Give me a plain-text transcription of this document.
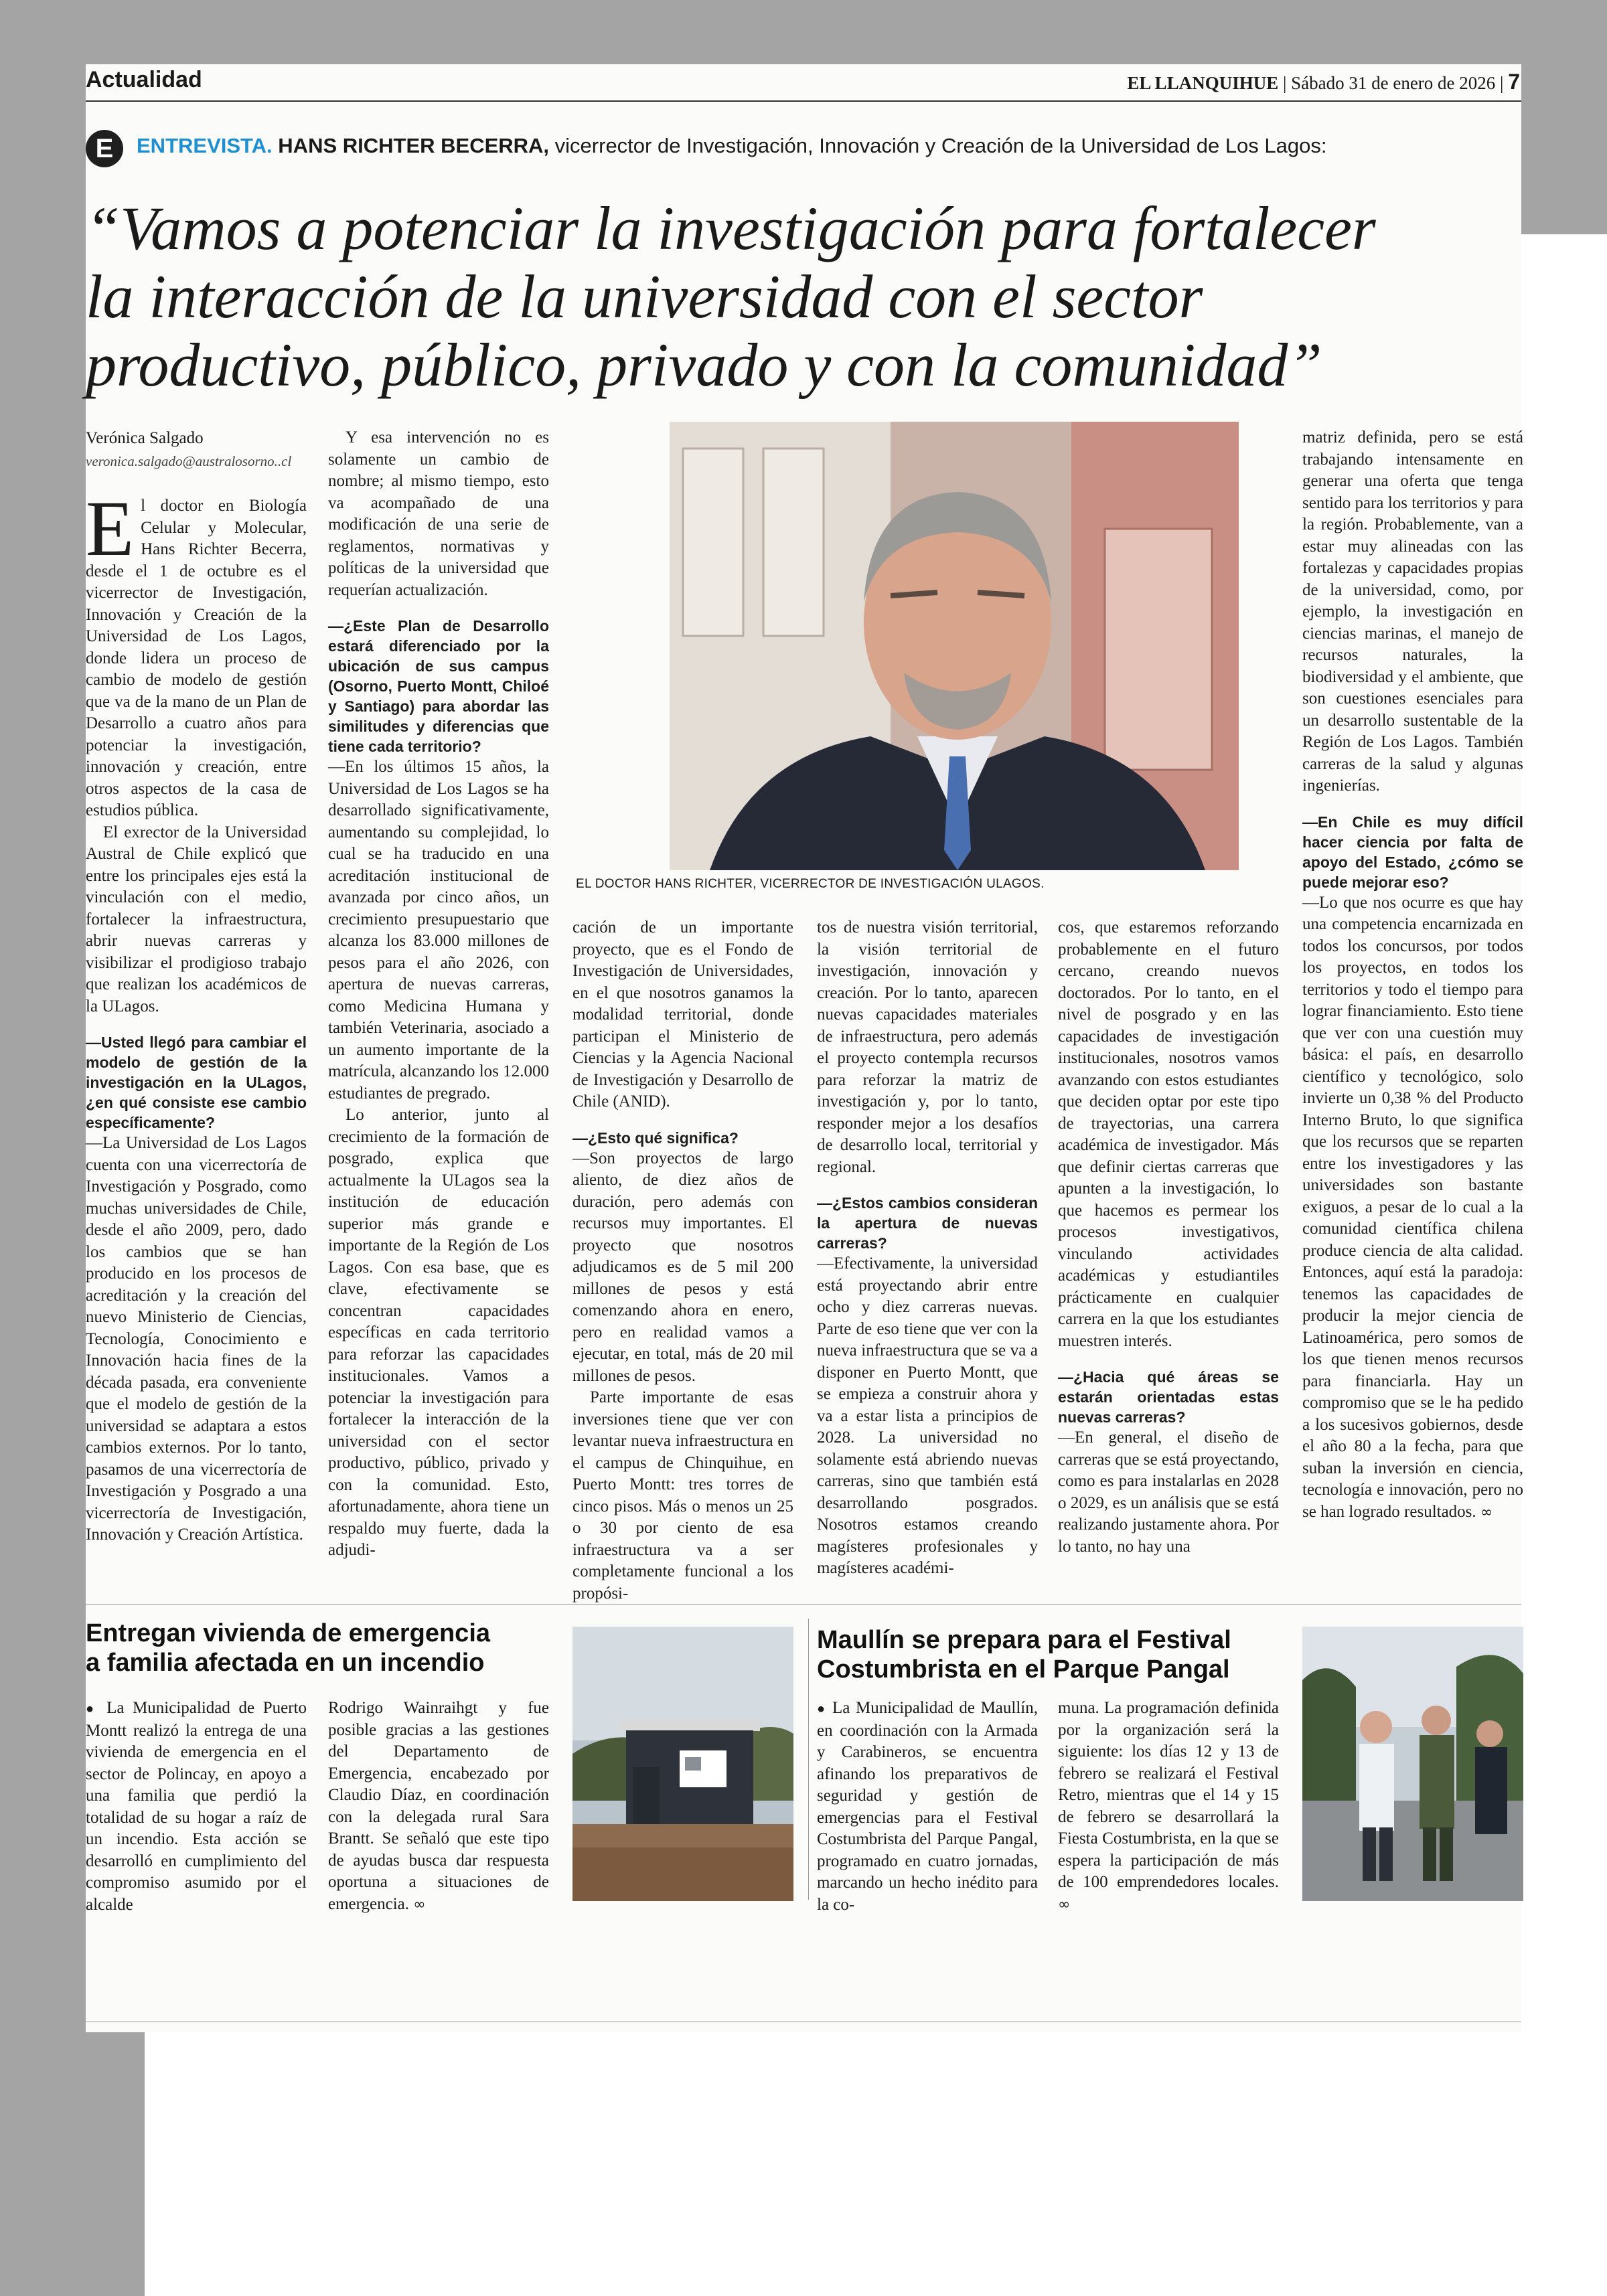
Actualidad	EL LLANQUIHUE | Sábado 31 de enero de 2026 | 7
E	ENTREVISTA. HANS RICHTER BECERRA, vicerrector de Investigación, Innovación y Creación de la Universidad de Los Lagos:
“Vamos a potenciar la investigación para fortalecer
la interacción de la universidad con el sector
productivo, público, privado y con la comunidad”
Verónica Salgado
veronica.salgado@australosorno..cl

El doctor en Biología Celular y Molecular, Hans Richter Becerra, desde el 1 de octubre es el vicerrector de Investigación, Innovación y Creación de la Universidad de Los Lagos, donde lidera un proceso de cambio de modelo de gestión que va de la mano de un Plan de Desarrollo a cuatro años para potenciar la investigación, innovación y creación, entre otros aspectos de la casa de estudios pública.

El exrector de la Universidad Austral de Chile explicó que entre los principales ejes está la vinculación con el medio, fortalecer la infraestructura, abrir nuevas carreras y visibilizar el prodigioso trabajo que realizan los académicos de la ULagos.

—Usted llegó para cambiar el modelo de gestión de la investigación en la ULagos, ¿en qué consiste ese cambio específicamente?

—La Universidad de Los Lagos cuenta con una vicerrectoría de Investigación y Posgrado, como muchas universidades de Chile, desde el año 2009, pero, dado los cambios que se han producido en los procesos de acreditación y la creación del nuevo Ministerio de Ciencias, Tecnología, Conocimiento e Innovación hacia fines de la década pasada, era conveniente que el modelo de gestión de la universidad se adaptara a estos cambios externos. Por lo tanto, pasamos de una vicerrectoría de Investigación y Posgrado a una vicerrectoría de Investigación, Innovación y Creación Artística.

Y esa intervención no es solamente un cambio de nombre; al mismo tiempo, esto va acompañado de una modificación de una serie de reglamentos, normativas y políticas de la universidad que requerían actualización.

—¿Este Plan de Desarrollo estará diferenciado por la ubicación de sus campus (Osorno, Puerto Montt, Chiloé y Santiago) para abordar las similitudes y diferencias que tiene cada territorio?

—En los últimos 15 años, la Universidad de Los Lagos se ha desarrollado significativamente, aumentando su complejidad, lo cual se ha traducido en una acreditación institucional de avanzada por cinco años, un crecimiento presupuestario que alcanza los 83.000 millones de pesos para el año 2026, con apertura de nuevas carreras, como Medicina Humana y también Veterinaria, asociado a un aumento importante de la matrícula, alcanzando los 12.000 estudiantes de pregrado.

Lo anterior, junto al crecimiento de la formación de posgrado, explica que actualmente la ULagos sea la institución de educación superior más grande e importante de la Región de Los Lagos. Con esa base, que es clave, efectivamente se concentran capacidades específicas en cada territorio para reforzar las capacidades institucionales. Vamos a potenciar la investigación para fortalecer la interacción de la universidad con el sector productivo, público, privado y con la comunidad. Esto, afortunadamente, ahora tiene un respaldo muy fuerte, dada la adjudi-

EL DOCTOR HANS RICHTER, VICERRECTOR DE INVESTIGACIÓN ULAGOS.

cación de un importante proyecto, que es el Fondo de Investigación de Universidades, en el que nosotros ganamos la modalidad territorial, donde participan el Ministerio de Ciencias y la Agencia Nacional de Investigación y Desarrollo de Chile (ANID).

—¿Esto qué significa?

—Son proyectos de largo aliento, de diez años de duración, pero además con recursos muy importantes. El proyecto que nosotros adjudicamos es de 5 mil 200 millones de pesos y está comenzando ahora en enero, pero en realidad vamos a ejecutar, en total, más de 20 mil millones de pesos.

Parte importante de esas inversiones tiene que ver con levantar nueva infraestructura en el campus de Chinquihue, en Puerto Montt: tres torres de cinco pisos. Más o menos un 25 o 30 por ciento de esa infraestructura va a ser completamente funcional a los propósi-

tos de nuestra visión territorial, la visión territorial de investigación, innovación y creación. Por lo tanto, aparecen nuevas capacidades materiales de infraestructura, pero además el proyecto contempla recursos para reforzar la matriz de investigación y, por lo tanto, responder mejor a los desafíos de desarrollo local, territorial y regional.

—¿Estos cambios consideran la apertura de nuevas carreras?

—Efectivamente, la universidad está proyectando abrir entre ocho y diez carreras nuevas. Parte de eso tiene que ver con la nueva infraestructura que se va a disponer en Puerto Montt, que se empieza a construir ahora y va a estar lista a principios de 2028. La universidad no solamente está abriendo nuevas carreras, sino que también está desarrollando posgrados. Nosotros estamos creando magísteres profesionales y magísteres académi-

cos, que estaremos reforzando probablemente en el futuro cercano, creando nuevos doctorados. Por lo tanto, en el nivel de posgrado y en las capacidades de investigación institucionales, nosotros vamos avanzando con estos estudiantes que deciden optar por este tipo de trayectorias, una carrera académica de investigador. Más que definir ciertas carreras que apunten a la investigación, lo que hacemos es permear los procesos investigativos, vinculando actividades académicas y estudiantiles prácticamente en cualquier carrera en la que los estudiantes muestren interés.

—¿Hacia qué áreas se estarán orientadas estas nuevas carreras?

—En general, el diseño de carreras que se está proyectando, como es para instalarlas en 2028 o 2029, es un análisis que se está realizando justamente ahora. Por lo tanto, no hay una

matriz definida, pero se está trabajando intensamente en generar una oferta que tenga sentido para los territorios y para la región. Probablemente, van a estar muy alineadas con las fortalezas y capacidades propias de la universidad, como, por ejemplo, la investigación en ciencias marinas, el manejo de recursos naturales, la biodiversidad y el ambiente, que son cuestiones esenciales para un desarrollo sustentable de la Región de Los Lagos. También carreras de la salud y algunas ingenierías.

—En Chile es muy difícil hacer ciencia por falta de apoyo del Estado, ¿cómo se puede mejorar eso?

—Lo que nos ocurre es que hay una competencia encarnizada en todos los concursos, por todos los proyectos, en todos los territorios y todo el tiempo para lograr financiamiento. Esto tiene que ver con una cuestión muy básica: el país, en desarrollo científico y tecnológico, solo invierte un 0,38 % del Producto Interno Bruto, lo que significa que los recursos que se reparten entre los investigadores y las universidades son bastante exiguos, a pesar de lo cual a la comunidad científica chilena produce ciencia de alta calidad. Entonces, aquí está la paradoja: tenemos las capacidades de producir la mejor ciencia de Latinoamérica, pero somos de los que tienen menos recursos para financiarla. Hay un compromiso que se le ha pedido a los sucesivos gobiernos, desde el año 80 a la fecha, para que suban la inversión en ciencia, tecnología e innovación, pero no se han logrado resultados. ∞

Entregan vivienda de emergencia
a familia afectada en un incendio
● La Municipalidad de Puerto Montt realizó la entrega de una vivienda de emergencia en el sector de Polincay, en apoyo a una familia que perdió la totalidad de su hogar a raíz de un incendio. Esta acción se desarrolló en cumplimiento del compromiso asumido por el alcalde
Rodrigo Wainraihgt y fue posible gracias a las gestiones del Departamento de Emergencia, encabezado por Claudio Díaz, en coordinación con la delegada rural Sara Brantt. Se señaló que este tipo de ayudas busca dar respuesta oportuna a situaciones de emergencia. ∞
Maullín se prepara para el Festival
Costumbrista en el Parque Pangal
● La Municipalidad de Maullín, en coordinación con la Armada y Carabineros, se encuentra afinando los preparativos de seguridad y gestión de emergencias para el Festival Costumbrista del Parque Pangal, programado en cuatro jornadas, marcando un hecho inédito para la co-
muna. La programación definida por la organización será la siguiente: los días 12 y 13 de febrero se realizará el Festival Retro, mientras que el 14 y 15 de febrero se desarrollará la Fiesta Costumbrista, en la que se espera la participación de más de 100 emprendedores locales. ∞
